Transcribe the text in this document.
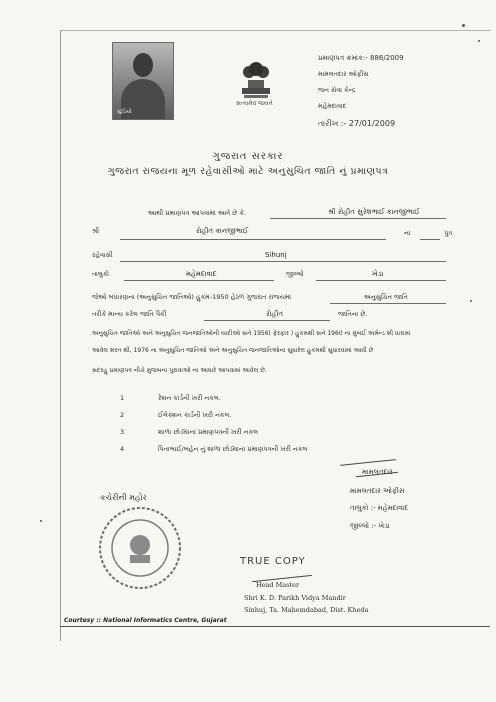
સ્ટુડિયો
સત્યમેવ જયતે
પ્રમાણપત્ર ક્રમાંક:- 886/2009
મામલતદાર ઓફીસ
જન સેવા કેન્દ્ર
મહેમદાવાદ
તારીખ :- 27/01/2009
ગુજરાત સરકાર
ગુજરાત રાજયના મૂળ રહેવાસીઓ માટે અનુસુચિત જાતિ નું પ્રમાણપત્ર
આથી પ્રમાણપત્ર આપવામાં આવે છે કે.	શ્રી રોહીત સુરેશભાઈ કાનજીભાઈ
શ્રી	રોહીત કાનજીભાઈ	ના	પુત્ર
રહેવાસી	Sihunj
તાલુકો	મહેમદાવાદ	જીલ્લો	ખેડા
જેઓ બંધારણના (અનુસુચિત જાતિઓ) હુકમ-1950 હેઠળ ગુજરાત રાજયમાં	અનુસુચિત જાતિ
તરીકે માન્ય કરેલ જાતિ પૈકી	રોહીત	જાતિના છે.
અનુસુચિત જાતિઓ અને અનુસુચિત જનજાતિઓની યાદીઓ સને 1956( ફેરફાર ) હુકમથી સને 1960 ના મુંબઈ અમેન્ડ શી ધારામાં
આવેલ શરત થી, 1976 ના અનુસુચિત જાતિઓ અને અનુસુચિત જનજાતિઓના સુધારેલ હુકમથી સુધારવામાં આવી છે
સદરહુ પ્રમાણપત્ર નીચે મુજબના પુરાવાઓ ના આધારે આપવામાં આવેલ છે.
1	રેશન કાર્ડની ખરી નકલ.
2	ઈલેક્શન કાર્ડની ખરી નકલ.
3	શાળા છોડ્યાનાં પ્રમાણપત્રની ખરી નકલ
4	પિતાભાઈ/બહેન નું શાળા છોડ્યાનાં પ્રમાણપત્રની ખરી નકલ
મામલતદાર
મામલતદાર ઓફીસ
તાલુકો :- મહેમદાવાદ
જીલ્લો :- ખેડા
કચેરીની મહોર
TRUE COPY
Head Master
Shri K. D. Parikh Vidya Mandir
Sinhuj, Ta. Mahemdabad, Dist. Kheda
Courtesy :: National Informatics Centre, Gujarat
